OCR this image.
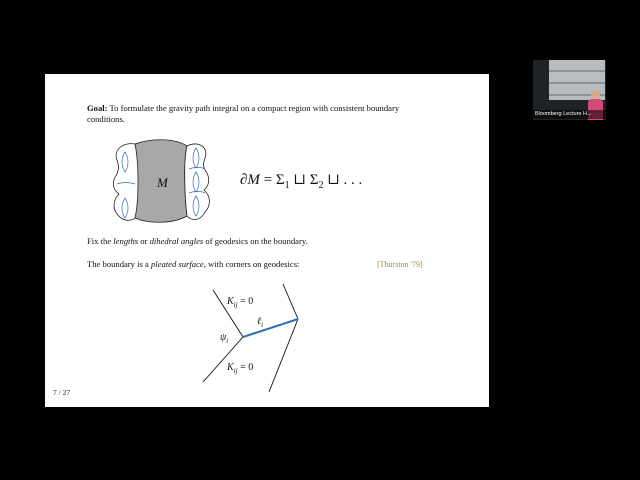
Goal: To formulate the gravity path integral on a compact region with consistent boundary
conditions.
M	$\partial M = \Sigma_1$ ⊔ $\Sigma_2$ ⊔ . . .
Fix the lengths or dihedral angles of geodesics on the boundary.
The boundary is a pleated surface, with corners on geodesics:	[Thurston '79]
$K_{ij} = 0$
ℓ$_i$
$\psi_i$
$K_{ij} = 0$
7 / 27
Bloomberg Lecture H...
